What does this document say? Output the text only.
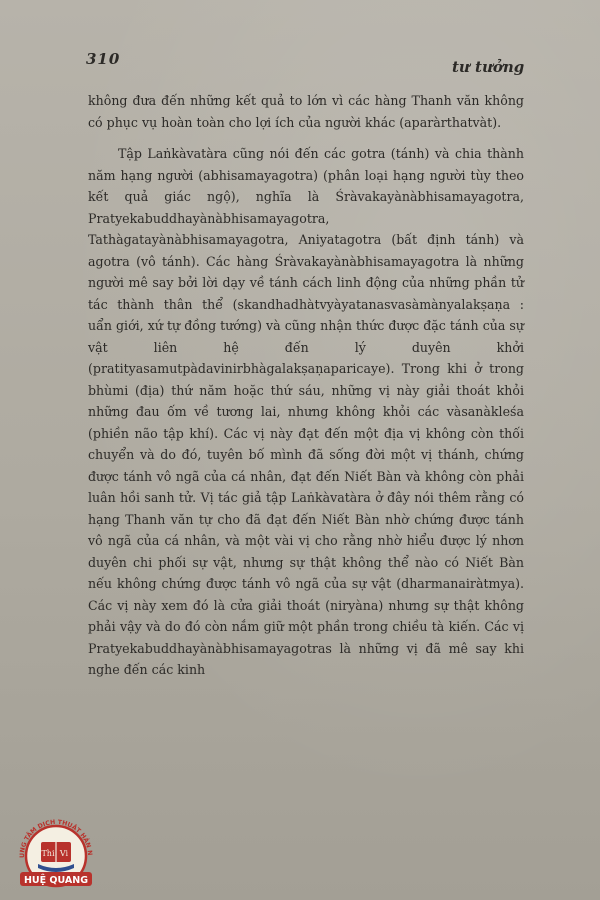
310	tư tưởng

không đưa đến những kết quả to lớn vì các hàng Thanh văn không có phục vụ hoàn toàn cho lợi ích của người khác (aparàrthatvàt).

Tập Laṅkàvatàra cũng nói đến các gotra (tánh) và chia thành năm hạng người (abhisamayagotra) (phân loại hạng người tùy theo kết quả giác ngộ), nghĩa là Śràvakayànàbhisamayagotra, Pratyekabuddhayànàbhisamayagotra, Tathàgatayànàbhisamayagotra, Aniyatagotra (bất định tánh) và agotra (vô tánh). Các hàng Śràvakayànàbhisamayagotra là những người mê say bởi lời dạy về tánh cách linh động của những phần tử tác thành thân thể (skandhadhàtvyàyatanasvasàmànyalakṣaṇa : uẩn giới, xứ tự đồng tướng) và cũng nhận thức được đặc tánh của sự vật liên hệ đến lý duyên khởi (pratityasamutpàdavinirbhàgalakṣaṇaparicaye). Trong khi ở trong bhùmi (địa) thứ năm hoặc thứ sáu, những vị này giải thoát khỏi những đau ốm về tương lai, nhưng không khỏi các vàsanàkleśa (phiền não tập khí). Các vị này đạt đến một địa vị không còn thối chuyển và do đó, tuyên bố mình đã sống đời một vị thánh, chứng được tánh vô ngã của cá nhân, đạt đến Niết Bàn và không còn phải luân hồi sanh tử. Vị tác giả tập Laṅkàvatàra ở đây nói thêm rằng có hạng Thanh văn tự cho đã đạt đến Niết Bàn nhờ chứng được tánh vô ngã của cá nhân, và một vài vị cho rằng nhờ hiểu được lý nhơn duyên chi phối sự vật, nhưng sự thật không thể nào có Niết Bàn nếu không chứng được tánh vô ngã của sự vật (dharmanairàtmya). Các vị này xem đó là cửa giải thoát (niryàna) nhưng sự thật không phải vậy và do đó còn nắm giữ một phần trong chiều tà kiến. Các vị Pratyekabuddhayànàbhisamayagotras là những vị đã mê say khi nghe đến các kinh

UNG TÂM DỊCH THUẬT HÁN N
Thi Vi
HUỆ QUANG
